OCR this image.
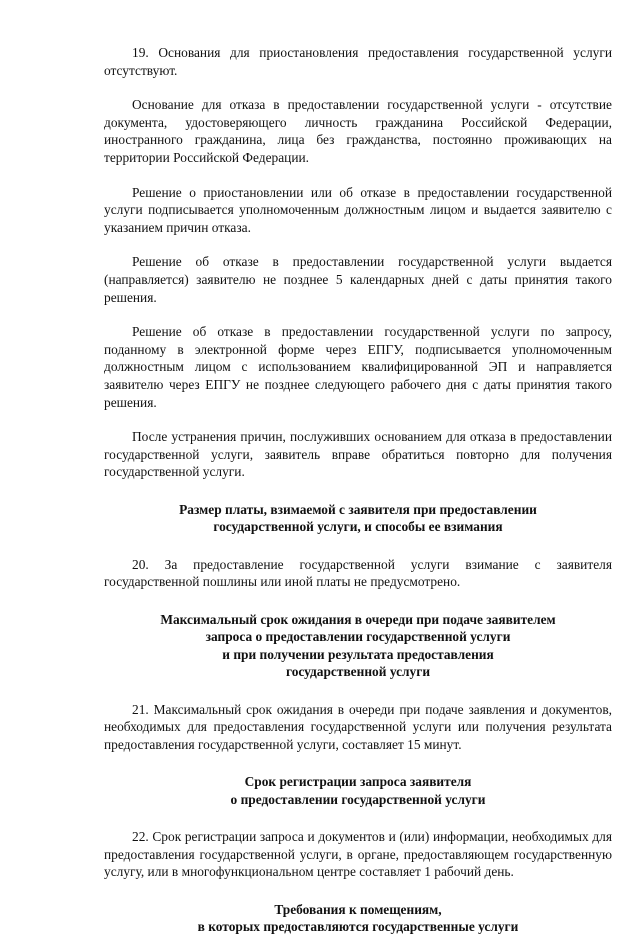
19. Основания для приостановления предоставления государственной услуги отсутствуют.

Основание для отказа в предоставлении государственной услуги - отсутствие документа, удостоверяющего личность гражданина Российской Федерации, иностранного гражданина, лица без гражданства, постоянно проживающих на территории Российской Федерации.

Решение о приостановлении или об отказе в предоставлении государственной услуги подписывается уполномоченным должностным лицом и выдается заявителю с указанием причин отказа.

Решение об отказе в предоставлении государственной услуги выдается (направляется) заявителю не позднее 5 календарных дней с даты принятия такого решения.

Решение об отказе в предоставлении государственной услуги по запросу, поданному в электронной форме через ЕПГУ, подписывается уполномоченным должностным лицом с использованием квалифицированной ЭП и направляется заявителю через ЕПГУ не позднее следующего рабочего дня с даты принятия такого решения.

После устранения причин, послуживших основанием для отказа в предоставлении государственной услуги, заявитель вправе обратиться повторно для получения государственной услуги.

Размер платы, взимаемой с заявителя при предоставлении
государственной услуги, и способы ее взимания

20. За предоставление государственной услуги взимание с заявителя государственной пошлины или иной платы не предусмотрено.

Максимальный срок ожидания в очереди при подаче заявителем
запроса о предоставлении государственной услуги
и при получении результата предоставления
государственной услуги

21. Максимальный срок ожидания в очереди при подаче заявления и документов, необходимых для предоставления государственной услуги или получения результата предоставления государственной услуги, составляет 15 минут.

Срок регистрации запроса заявителя
о предоставлении государственной услуги

22. Срок регистрации запроса и документов и (или) информации, необходимых для предоставления государственной услуги, в органе, предоставляющем государственную услугу, или в многофункциональном центре составляет 1 рабочий день.

Требования к помещениям,
в которых предоставляются государственные услуги
